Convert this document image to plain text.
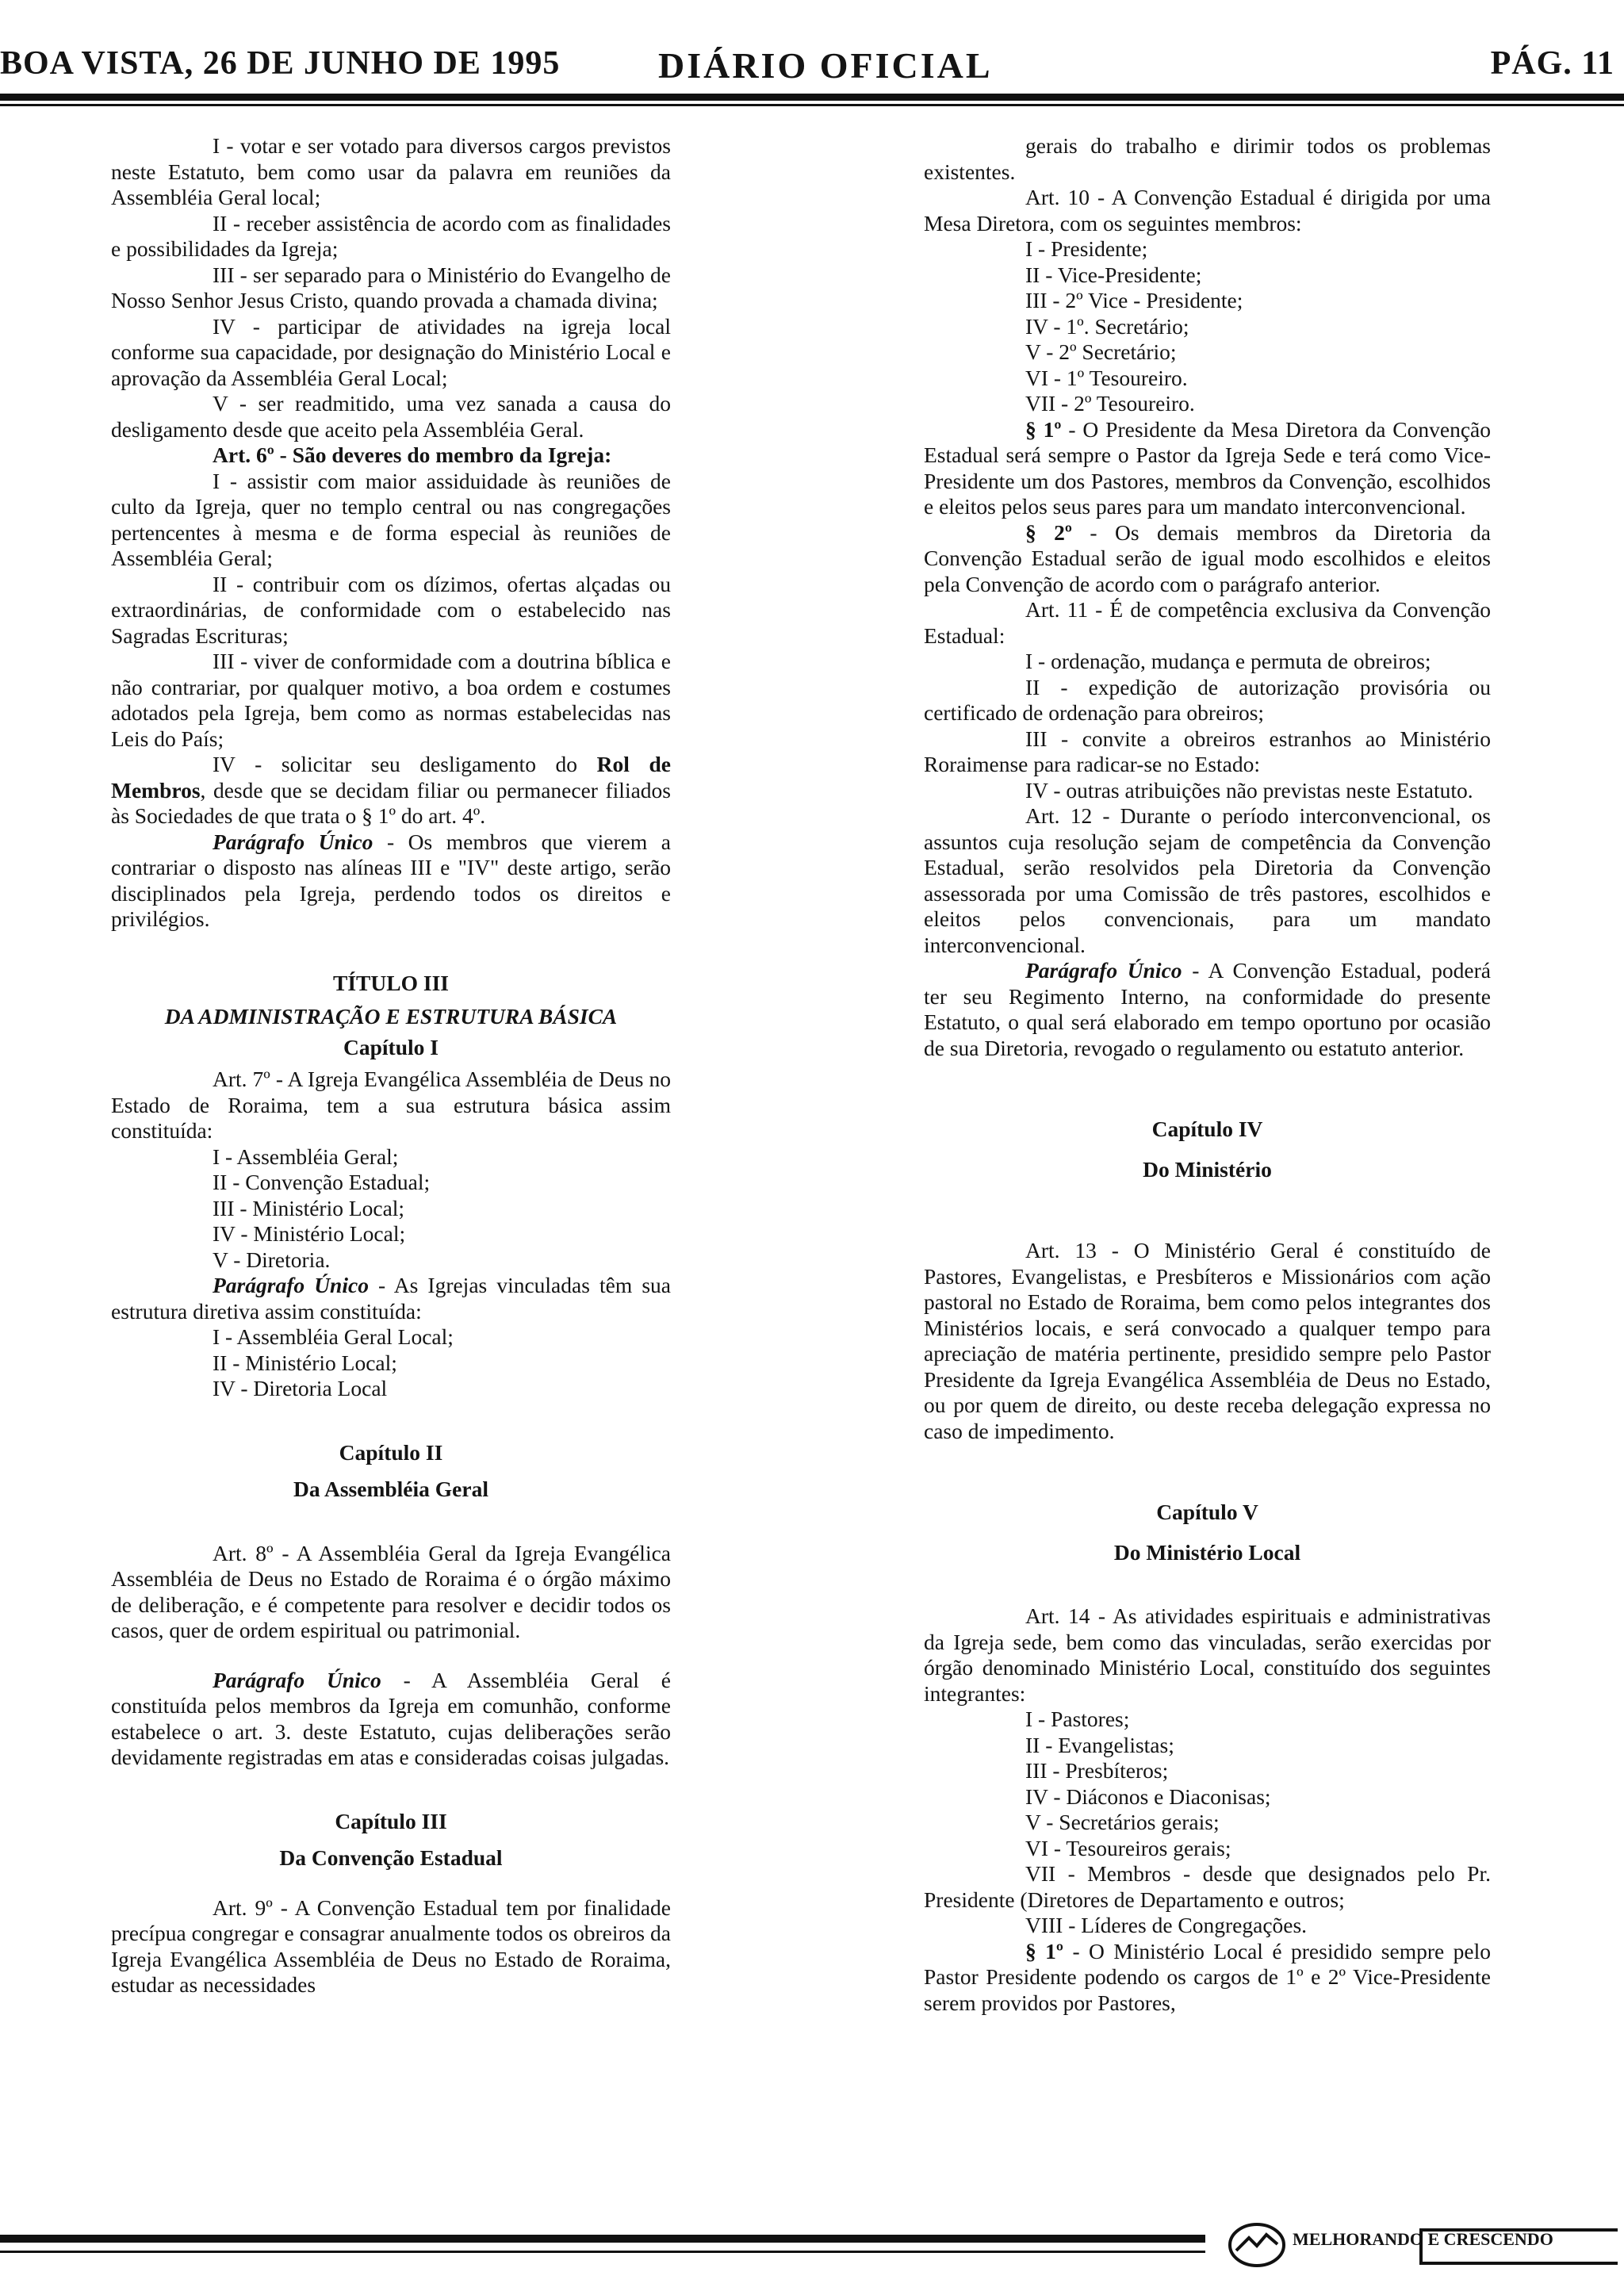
BOA VISTA, 26 DE JUNHO DE 1995	DIÁRIO OFICIAL	PÁG. 11

I - votar e ser votado para diversos cargos previstos neste Estatuto, bem como usar da palavra em reuniões da Assembléia Geral local;

II - receber assistência de acordo com as finalidades e possibilidades da Igreja;

III - ser separado para o Ministério do Evangelho de Nosso Senhor Jesus Cristo, quando provada a chamada divina;

IV - participar de atividades na igreja local conforme sua capacidade, por designação do Ministério Local e aprovação da Assembléia Geral Local;

V - ser readmitido, uma vez sanada a causa do desligamento desde que aceito pela Assembléia Geral.

Art. 6º - São deveres do membro da Igreja:

I - assistir com maior assiduidade às reuniões de culto da Igreja, quer no templo central ou nas congregações pertencentes à mesma e de forma especial às reuniões de Assembléia Geral;

II - contribuir com os dízimos, ofertas alçadas ou extraordinárias, de conformidade com o estabelecido nas Sagradas Escrituras;

III - viver de conformidade com a doutrina bíblica e não contrariar, por qualquer motivo, a boa ordem e costumes adotados pela Igreja, bem como as normas estabelecidas nas Leis do País;

IV - solicitar seu desligamento do Rol de Membros, desde que se decidam filiar ou permanecer filiados às Sociedades de que trata o § 1º do art. 4º.

Parágrafo Único - Os membros que vierem a contrariar o disposto nas alíneas III e "IV" deste artigo, serão disciplinados pela Igreja, perdendo todos os direitos e privilégios.

TÍTULO III

DA ADMINISTRAÇÃO E ESTRUTURA BÁSICA

Capítulo I

Art. 7º - A Igreja Evangélica Assembléia de Deus no Estado de Roraima, tem a sua estrutura básica assim constituída:

I - Assembléia Geral;

II - Convenção Estadual;

III - Ministério Local;

IV - Ministério Local;

V - Diretoria.

Parágrafo Único - As Igrejas vinculadas têm sua estrutura diretiva assim constituída:

I - Assembléia Geral Local;

II - Ministério Local;

IV - Diretoria Local

Capítulo II

Da Assembléia Geral

Art. 8º - A Assembléia Geral da Igreja Evangélica Assembléia de Deus no Estado de Roraima é o órgão máximo de deliberação, e é competente para resolver e decidir todos os casos, quer de ordem espiritual ou patrimonial.

Parágrafo Único - A Assembléia Geral é constituída pelos membros da Igreja em comunhão, conforme estabelece o art. 3. deste Estatuto, cujas deliberações serão devidamente registradas em atas e consideradas coisas julgadas.

Capítulo III

Da Convenção Estadual

Art. 9º - A Convenção Estadual tem por finalidade precípua congregar e consagrar anualmente todos os obreiros da Igreja Evangélica Assembléia de Deus no Estado de Roraima, estudar as necessidades

gerais do trabalho e dirimir todos os problemas existentes.

Art. 10 - A Convenção Estadual é dirigida por uma Mesa Diretora, com os seguintes membros:

I - Presidente;

II - Vice-Presidente;

III - 2º Vice - Presidente;

IV - 1º. Secretário;

V - 2º Secretário;

VI - 1º Tesoureiro.

VII - 2º Tesoureiro.

§ 1º - O Presidente da Mesa Diretora da Convenção Estadual será sempre o Pastor da Igreja Sede e terá como Vice-Presidente um dos Pastores, membros da Convenção, escolhidos e eleitos pelos seus pares para um mandato interconvencional.

§ 2º - Os demais membros da Diretoria da Convenção Estadual serão de igual modo escolhidos e eleitos pela Convenção de acordo com o parágrafo anterior.

Art. 11 - É de competência exclusiva da Convenção Estadual:

I - ordenação, mudança e permuta de obreiros;

II - expedição de autorização provisória ou certificado de ordenação para obreiros;

III - convite a obreiros estranhos ao Ministério Roraimense para radicar-se no Estado:

IV - outras atribuições não previstas neste Estatuto.

Art. 12 - Durante o período interconvencional, os assuntos cuja resolução sejam de competência da Convenção Estadual, serão resolvidos pela Diretoria da Convenção assessorada por uma Comissão de três pastores, escolhidos e eleitos pelos convencionais, para um mandato interconvencional.

Parágrafo Único - A Convenção Estadual, poderá ter seu Regimento Interno, na conformidade do presente Estatuto, o qual será elaborado em tempo oportuno por ocasião de sua Diretoria, revogado o regulamento ou estatuto anterior.

Capítulo IV

Do Ministério

Art. 13 - O Ministério Geral é constituído de Pastores, Evangelistas, e Presbíteros e Missionários com ação pastoral no Estado de Roraima, bem como pelos integrantes dos Ministérios locais, e será convocado a qualquer tempo para apreciação de matéria pertinente, presidido sempre pelo Pastor Presidente da Igreja Evangélica Assembléia de Deus no Estado, ou por quem de direito, ou deste receba delegação expressa no caso de impedimento.

Capítulo V

Do Ministério Local

Art. 14 - As atividades espirituais e administrativas da Igreja sede, bem como das vinculadas, serão exercidas por órgão denominado Ministério Local, constituído dos seguintes integrantes:

I - Pastores;

II - Evangelistas;

III - Presbíteros;

IV - Diáconos e Diaconisas;

V - Secretários gerais;

VI - Tesoureiros gerais;

VII - Membros - desde que designados pelo Pr. Presidente (Diretores de Departamento e outros;

VIII - Líderes de Congregações.

§ 1º - O Ministério Local é presidido sempre pelo Pastor Presidente podendo os cargos de 1º e 2º Vice-Presidente serem providos por Pastores,

MELHORANDO E CRESCENDO
